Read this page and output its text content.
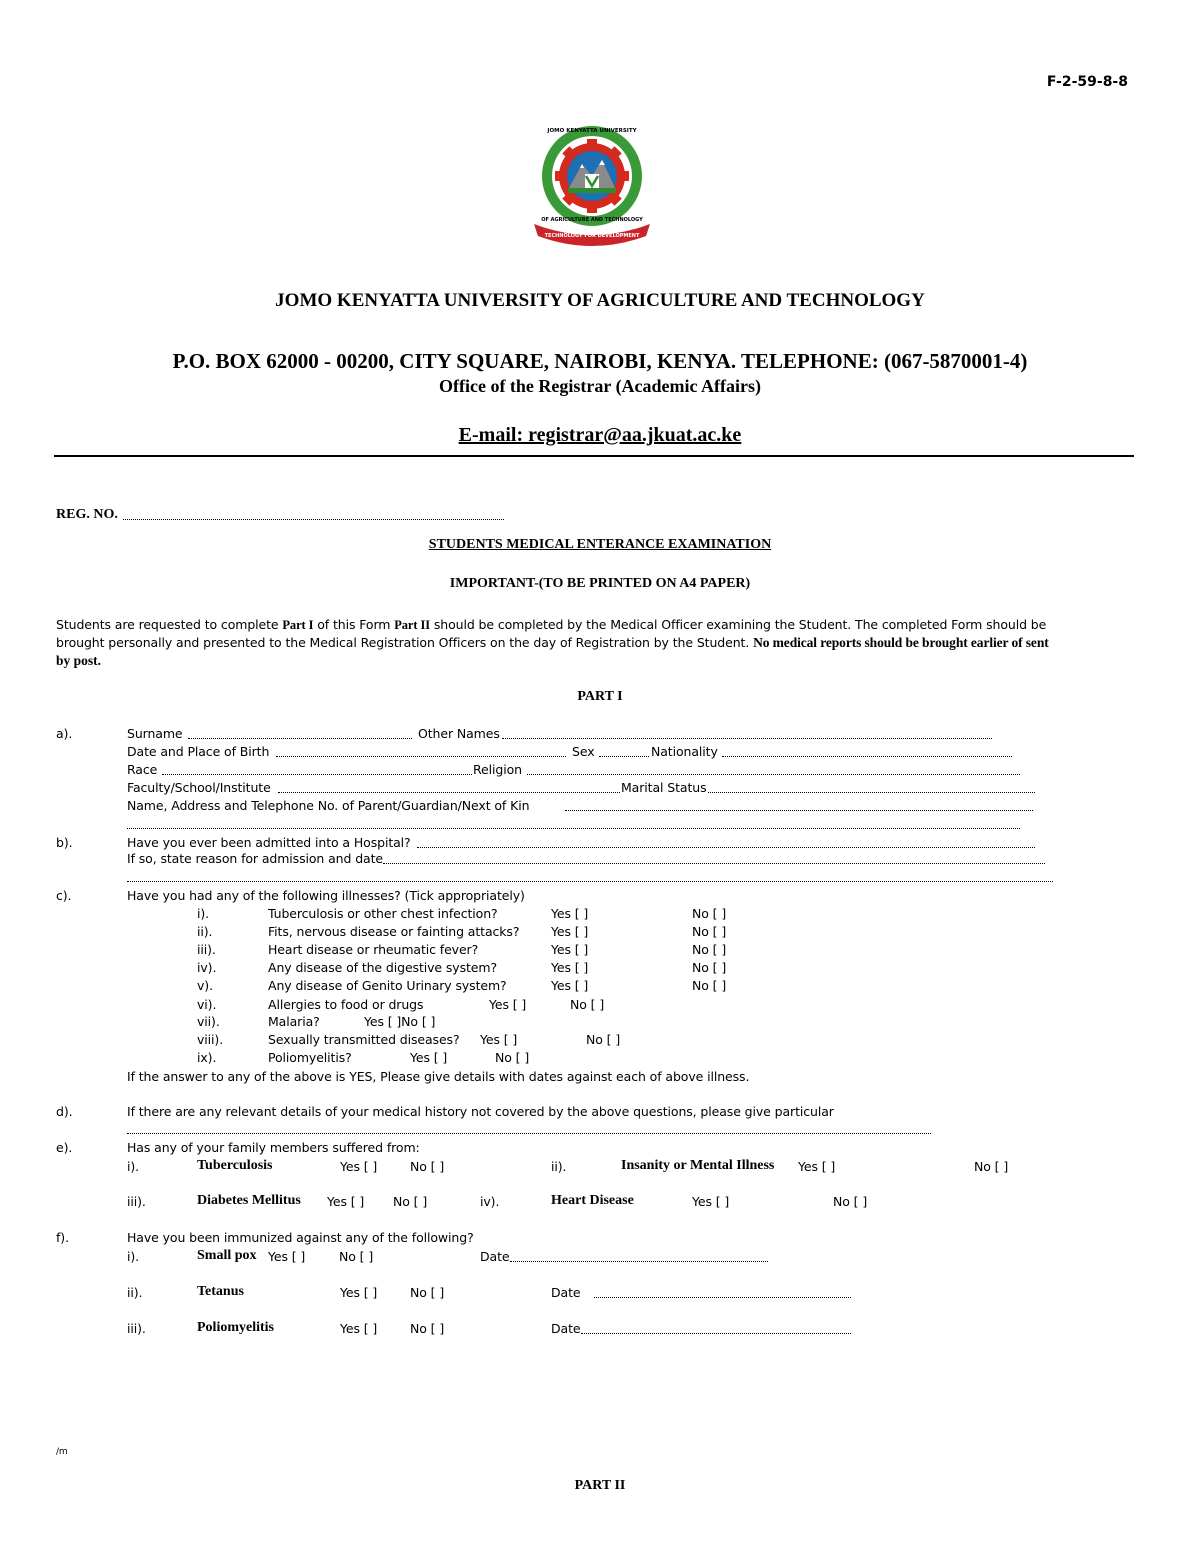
F-2-59-8-8
TECHNOLOGY FOR DEVELOPMENT
JOMO KENYATTA UNIVERSITY
OF AGRICULTURE AND TECHNOLOGY
JOMO KENYATTA UNIVERSITY OF AGRICULTURE AND TECHNOLOGY
P.O. BOX 62000 - 00200, CITY SQUARE, NAIROBI, KENYA. TELEPHONE: (067-5870001-4)
Office of the Registrar (Academic Affairs)
E-mail: registrar@aa.jkuat.ac.ke
REG. NO.
STUDENTS MEDICAL ENTERANCE EXAMINATION
IMPORTANT-(TO BE PRINTED ON A4 PAPER)
Students are requested to complete Part I of this Form Part II should be completed by the Medical Officer examining the Student. The completed Form should be
brought personally and presented to the Medical Registration Officers on the day of Registration by the Student. No medical reports should be brought earlier of sent
by post.
PART I
a).	Surname	Other Names
Date and Place of Birth	Sex	Nationality
Race	Religion
Faculty/School/Institute	Marital Status
Name, Address and Telephone No. of Parent/Guardian/Next of Kin
b).	Have you ever been admitted into a Hospital?
If so, state reason for admission and date
c).	Have you had any of the following illnesses? (Tick appropriately)
i).	Tuberculosis or other chest infection?	Yes [ ]	No [ ]
ii).	Fits, nervous disease or fainting attacks?	Yes [ ]	No [ ]
iii).	Heart disease or rheumatic fever?	Yes [ ]	No [ ]
iv).	Any disease of the digestive system?	Yes [ ]	No [ ]
v).	Any disease of Genito Urinary system?	Yes [ ]	No [ ]
vi).	Allergies to food or drugs	Yes [ ]	No [ ]
vii).	Malaria?	Yes [ ]No [ ]
viii).	Sexually transmitted diseases? Yes [ ]	No [ ]
ix).	Poliomyelitis?	Yes [ ]	No [ ]
If the answer to any of the above is YES, Please give details with dates against each of above illness.
d).	If there are any relevant details of your medical history not covered by the above questions, please give particular
e).	Has any of your family members suffered from:
i).	Tuberculosis	Yes [ ]	No [ ]	ii).	Insanity or Mental Illness Yes [ ]	No [ ]
iii).	Diabetes Mellitus Yes [ ] No [ ]	iv).	Heart Disease	Yes [ ]	No [ ]
f).	Have you been immunized against any of the following?
i).	Small pox Yes [ ]	No [ ]	Date
ii).	Tetanus	Yes [ ]	No [ ]	Date
iii).	Poliomyelitis	Yes [ ]	No [ ]	Date
/m
PART II
